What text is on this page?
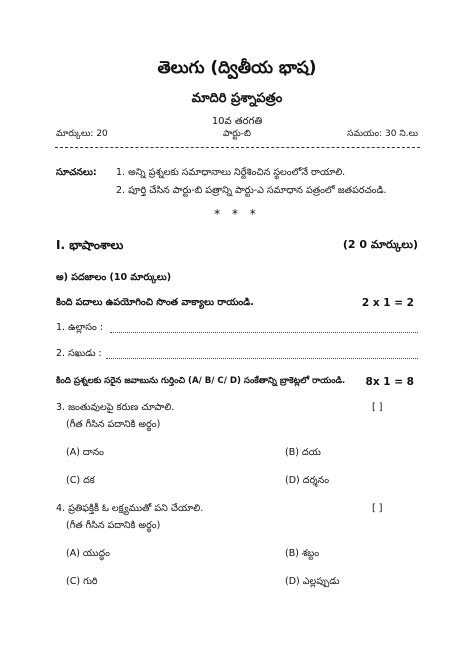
తెలుగు (ద్వితీయ భాష)
మాదిరి ప్రశ్నాపత్రం
10వ తరగతి
మార్కులు: 20	పార్టు-బి	సమయం: 30 ని.లు
సూచనలు: 1. అన్ని ప్రశ్నలకు సమాధానాలు నిర్దేశించిన స్థలంలోనే రాయాలి.
2. పూర్తి చేసిన పార్టు-బి పత్రాన్ని పార్టు-ఎ సమాధాన పత్రంలో జతపరచండి.
* * *
I. భాషాంశాలు	(2 0 మార్కులు)
అ) పదజాలం (10 మార్కులు)
కింది పదాలు ఉపయోగించి సొంత వాక్యాలు రాయండి.	2 x 1 = 2
1. ఉల్లాసం :
2. సఖుడు :
కింది ప్రశ్నలకు సరైన జవాబును గుర్తించి (A/ B/ C/ D) సంకేతాన్ని బ్రాకెట్లలో రాయండి. 8x 1 = 8
3. జంతువులపై కరుణ చూపాలి.	[ ]
(గీత గీసిన పదానికి అర్థం)
(A) దానం	(B) దయ
(C) దక	(D) దర్శనం
4. ప్రతిఫక్తికీ ఓ లక్ష్యముతో పని చేయాలి.	[ ]
(గీత గీసిన పదానికి అర్థం)
(A) యుద్ధం	(B) శబ్దం
(C) గురి	(D) ఎల్లప్పుడు
